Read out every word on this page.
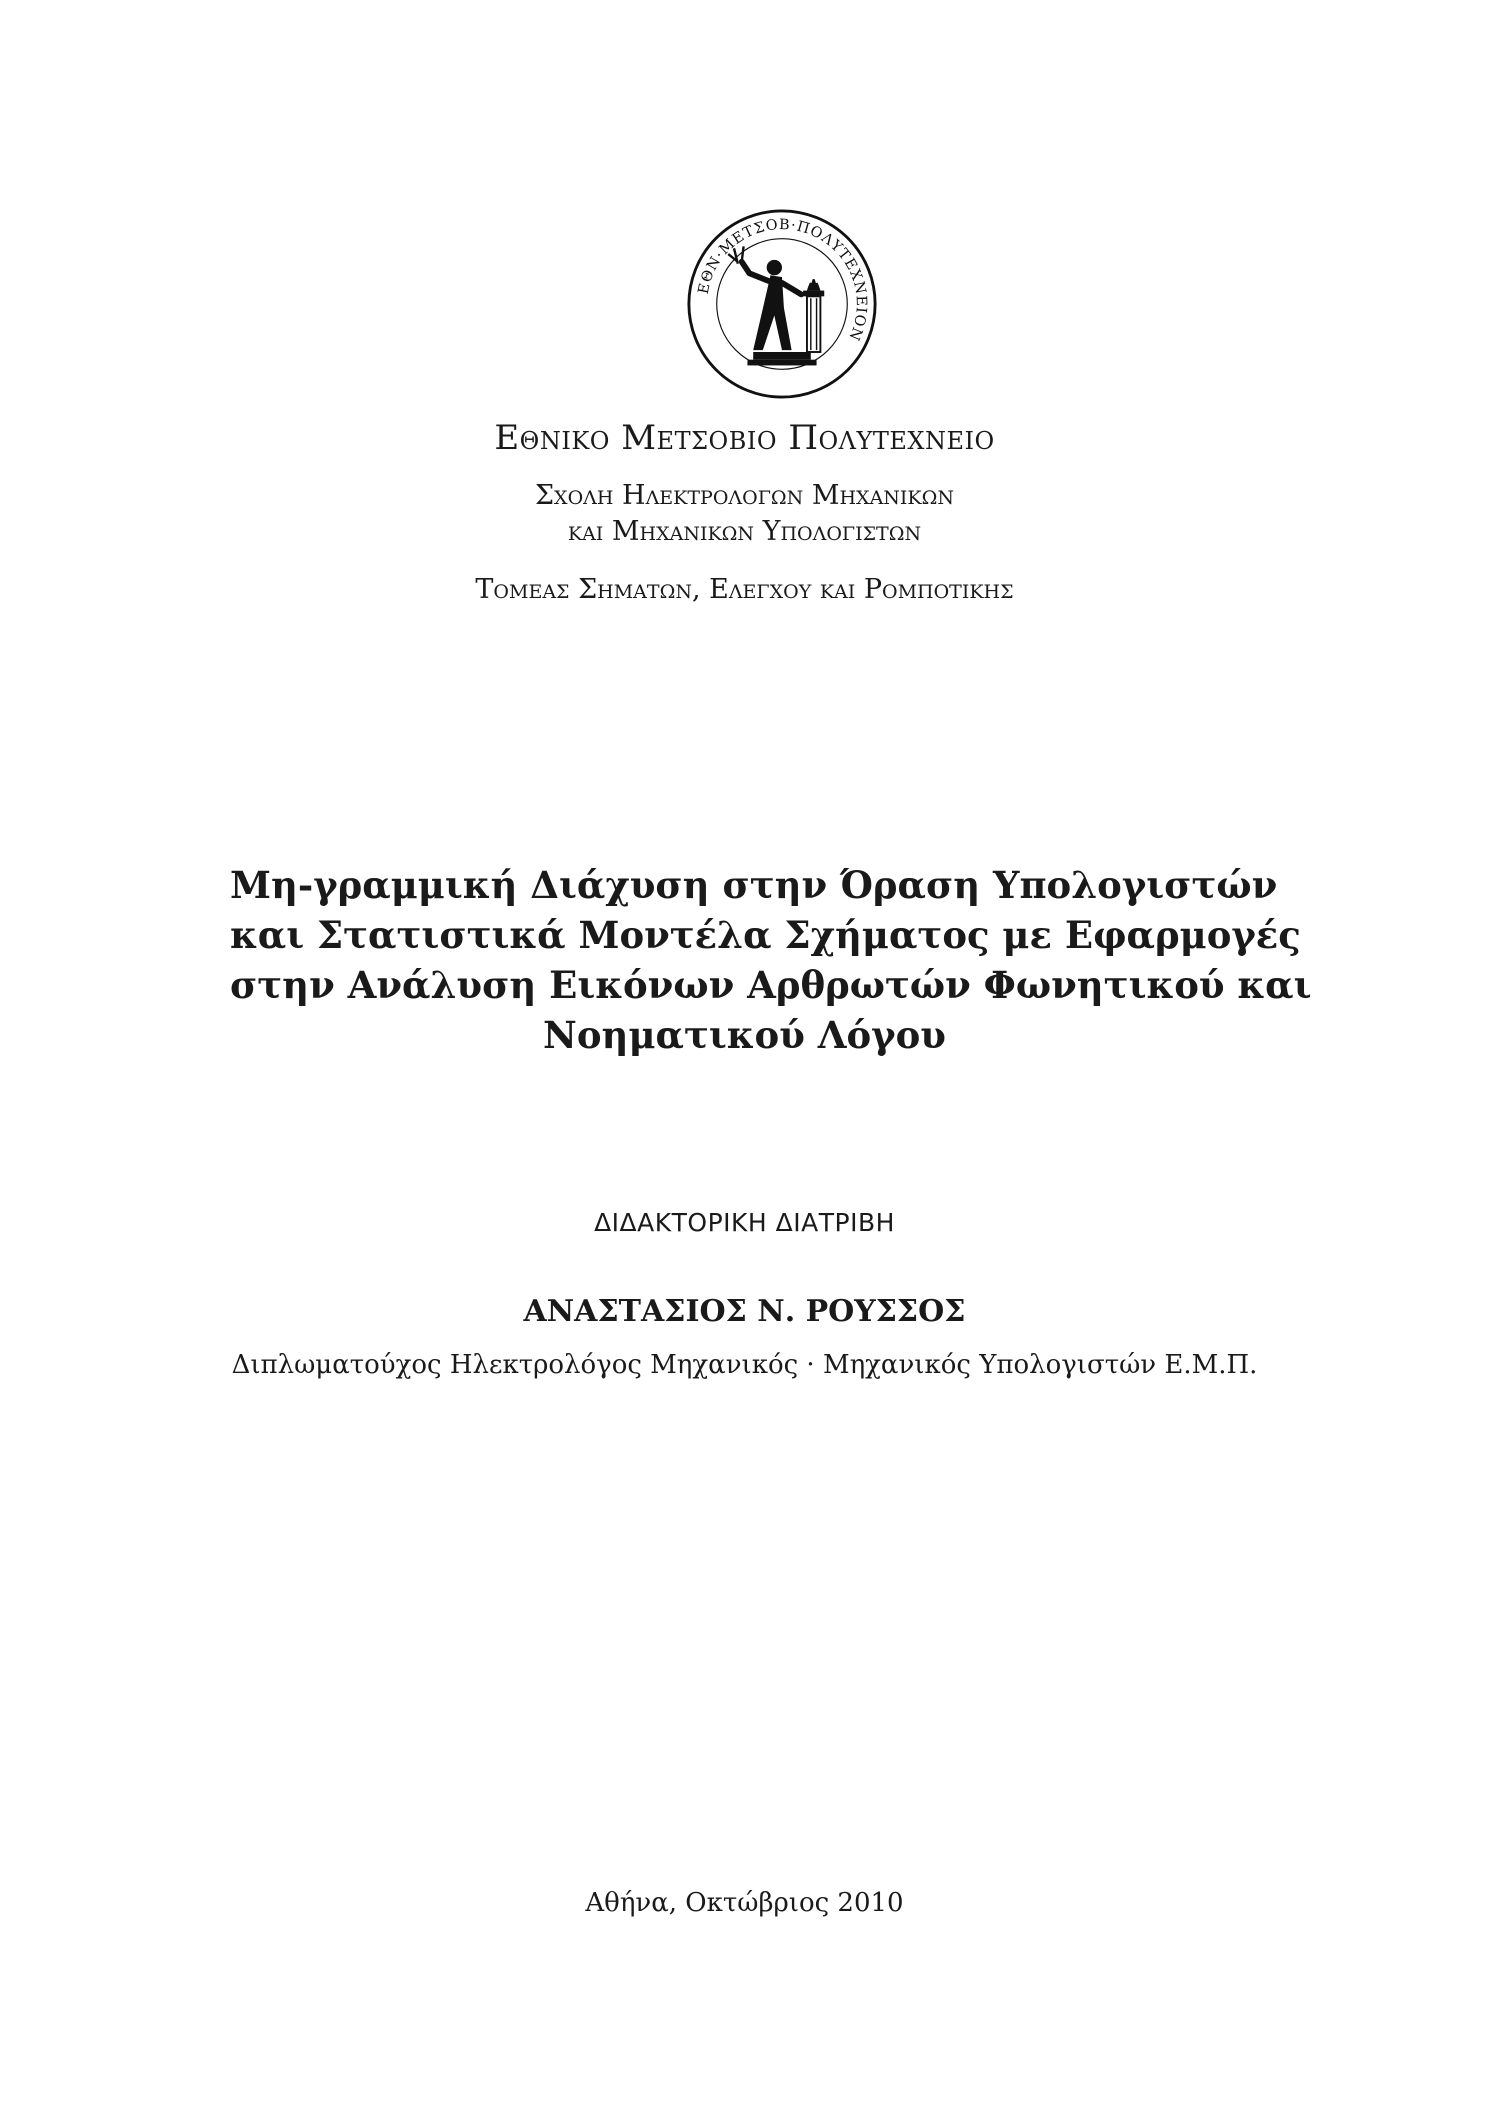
ΕΘΝ·ΜΕΤΣΟΒ·ΠΟΛΥΤΕΧΝΕΙΟΝ
Εθνικο Μετσοβιο Πολυτεχνειο
Σχολη Ηλεκτρολογων Μηχανικων
και Μηχανικων Υπολογιστων
Τομεας Σηματων, Ελεγχου και Ρομποτικης
Μη-γραμμική Διάχυση στην Όραση Υπολογιστών
και Στατιστικά Μοντέλα Σχήματος με Εφαρμογές
στην Ανάλυση Εικόνων Αρθρωτών Φωνητικού και
Νοηματικού Λόγου
ΔΙΔΑΚΤΟΡΙΚΗ ΔΙΑΤΡΙΒΗ
ΑΝΑΣΤΑΣΙΟΣ Ν. ΡΟΥΣΣΟΣ
Διπλωματούχος Ηλεκτρολόγος Μηχανικός · Μηχανικός Υπολογιστών Ε.Μ.Π.
Αθήνα, Οκτώβριος 2010
